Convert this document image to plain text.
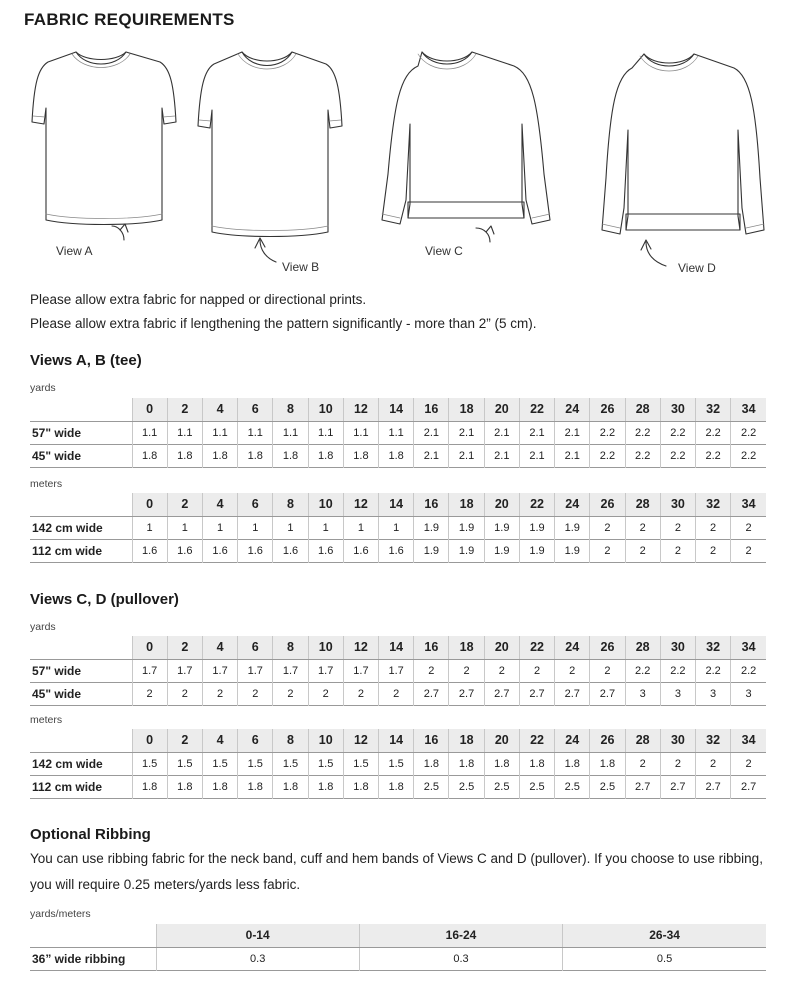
FABRIC REQUIREMENTS
View A
View B
View C
View D
Please allow extra fabric for napped or directional prints.
Please allow extra fabric if lengthening the pattern significantly - more than 2” (5 cm).
Views A, B (tee)
yards
	0	2	4	6	8	10	12	14	16	18	20	22	24	26	28	30	32	34
57" wide	1.1	1.1	1.1	1.1	1.1	1.1	1.1	1.1	2.1	2.1	2.1	2.1	2.1	2.2	2.2	2.2	2.2	2.2
45" wide	1.8	1.8	1.8	1.8	1.8	1.8	1.8	1.8	2.1	2.1	2.1	2.1	2.1	2.2	2.2	2.2	2.2	2.2
meters
	0	2	4	6	8	10	12	14	16	18	20	22	24	26	28	30	32	34
142 cm wide	1	1	1	1	1	1	1	1	1.9	1.9	1.9	1.9	1.9	2	2	2	2	2
112 cm wide	1.6	1.6	1.6	1.6	1.6	1.6	1.6	1.6	1.9	1.9	1.9	1.9	1.9	2	2	2	2	2
Views C, D (pullover)
yards
	0	2	4	6	8	10	12	14	16	18	20	22	24	26	28	30	32	34
57" wide	1.7	1.7	1.7	1.7	1.7	1.7	1.7	1.7	2	2	2	2	2	2	2.2	2.2	2.2	2.2
45" wide	2	2	2	2	2	2	2	2	2.7	2.7	2.7	2.7	2.7	2.7	3	3	3	3
meters
	0	2	4	6	8	10	12	14	16	18	20	22	24	26	28	30	32	34
142 cm wide	1.5	1.5	1.5	1.5	1.5	1.5	1.5	1.5	1.8	1.8	1.8	1.8	1.8	1.8	2	2	2	2
112 cm wide	1.8	1.8	1.8	1.8	1.8	1.8	1.8	1.8	2.5	2.5	2.5	2.5	2.5	2.5	2.7	2.7	2.7	2.7
Optional Ribbing
You can use ribbing fabric for the neck band, cuff and hem bands of Views C and D (pullover). If you choose to use ribbing, you will require 0.25 meters/yards less fabric.
yards/meters
	0-14	16-24	26-34
36” wide ribbing	0.3	0.3	0.5
